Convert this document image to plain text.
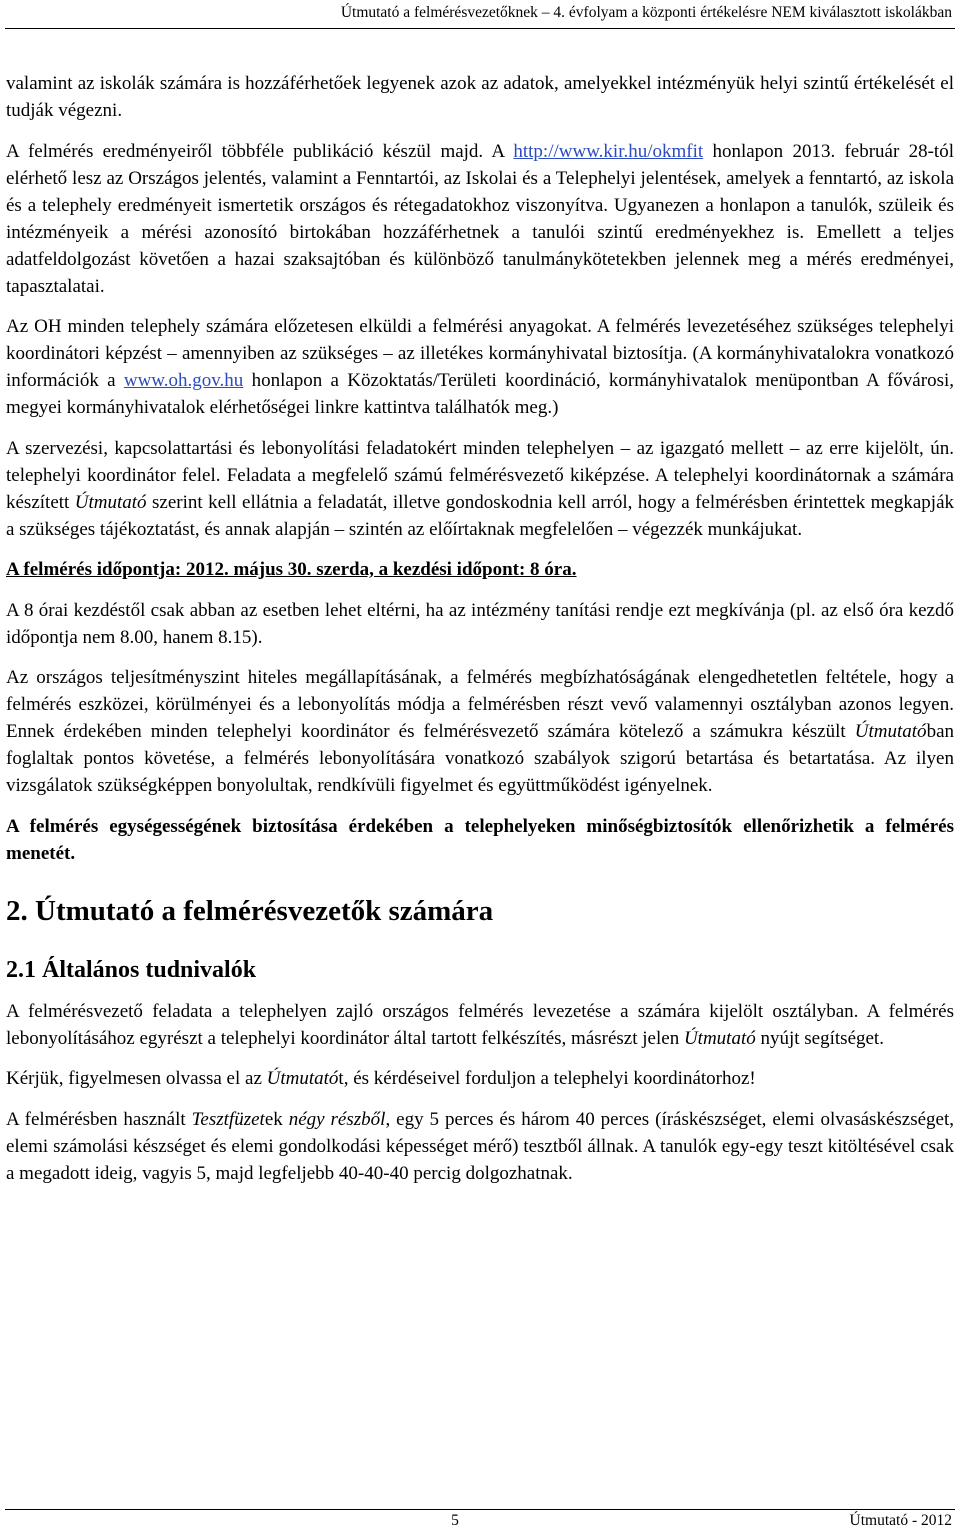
Útmutató a felmérésvezetőknek – 4. évfolyam a központi értékelésre NEM kiválasztott iskolákban

valamint az iskolák számára is hozzáférhetőek legyenek azok az adatok, amelyekkel intézményük helyi szintű értékelését el tudják végezni.

A felmérés eredményeiről többféle publikáció készül majd. A http://www.kir.hu/okmfit honlapon 2013. február 28-tól elérhető lesz az Országos jelentés, valamint a Fenntartói, az Iskolai és a Telephelyi jelentések, amelyek a fenntartó, az iskola és a telephely eredményeit ismertetik országos és rétegadatokhoz viszonyítva. Ugyanezen a honlapon a tanulók, szüleik és intézményeik a mérési azonosító birtokában hozzáférhetnek a tanulói szintű eredményekhez is. Emellett a teljes adatfeldolgozást követően a hazai szaksajtóban és különböző tanulmánykötetekben jelennek meg a mérés eredményei, tapasztalatai.

Az OH minden telephely számára előzetesen elküldi a felmérési anyagokat. A felmérés levezetéséhez szükséges telephelyi koordinátori képzést – amennyiben az szükséges – az illetékes kormányhivatal biztosítja. (A kormányhivatalokra vonatkozó információk a www.oh.gov.hu honlapon a Közoktatás/Területi koordináció, kormányhivatalok menüpontban A fővárosi, megyei kormányhivatalok elérhetőségei linkre kattintva találhatók meg.)

A szervezési, kapcsolattartási és lebonyolítási feladatokért minden telephelyen – az igazgató mellett – az erre kijelölt, ún. telephelyi koordinátor felel. Feladata a megfelelő számú felmérésvezető kiképzése. A telephelyi koordinátornak a számára készített Útmutató szerint kell ellátnia a feladatát, illetve gondoskodnia kell arról, hogy a felmérésben érintettek megkapják a szükséges tájékoztatást, és annak alapján – szintén az előírtaknak megfelelően – végezzék munkájukat.

A felmérés időpontja: 2012. május 30. szerda, a kezdési időpont: 8 óra.

A 8 órai kezdéstől csak abban az esetben lehet eltérni, ha az intézmény tanítási rendje ezt megkívánja (pl. az első óra kezdő időpontja nem 8.00, hanem 8.15).

Az országos teljesítményszint hiteles megállapításának, a felmérés megbízhatóságának elengedhetetlen feltétele, hogy a felmérés eszközei, körülményei és a lebonyolítás módja a felmérésben részt vevő valamennyi osztályban azonos legyen. Ennek érdekében minden telephelyi koordinátor és felmérésvezető számára kötelező a számukra készült Útmutatóban foglaltak pontos követése, a felmérés lebonyolítására vonatkozó szabályok szigorú betartása és betartatása. Az ilyen vizsgálatok szükségképpen bonyolultak, rendkívüli figyelmet és együttműködést igényelnek.

A felmérés egységességének biztosítása érdekében a telephelyeken minőségbiztosítók ellenőrizhetik a felmérés menetét.

2. Útmutató a felmérésvezetők számára
2.1 Általános tudnivalók

A felmérésvezető feladata a telephelyen zajló országos felmérés levezetése a számára kijelölt osztályban. A felmérés lebonyolításához egyrészt a telephelyi koordinátor által tartott felkészítés, másrészt jelen Útmutató nyújt segítséget.

Kérjük, figyelmesen olvassa el az Útmutatót, és kérdéseivel forduljon a telephelyi koordinátorhoz!

A felmérésben használt Tesztfüzetek négy részből, egy 5 perces és három 40 perces (íráskészséget, elemi olvasáskészséget, elemi számolási készséget és elemi gondolkodási képességet mérő) tesztből állnak. A tanulók egy-egy teszt kitöltésével csak a megadott ideig, vagyis 5, majd legfeljebb 40-40-40 percig dolgozhatnak.

5	Útmutató - 2012
